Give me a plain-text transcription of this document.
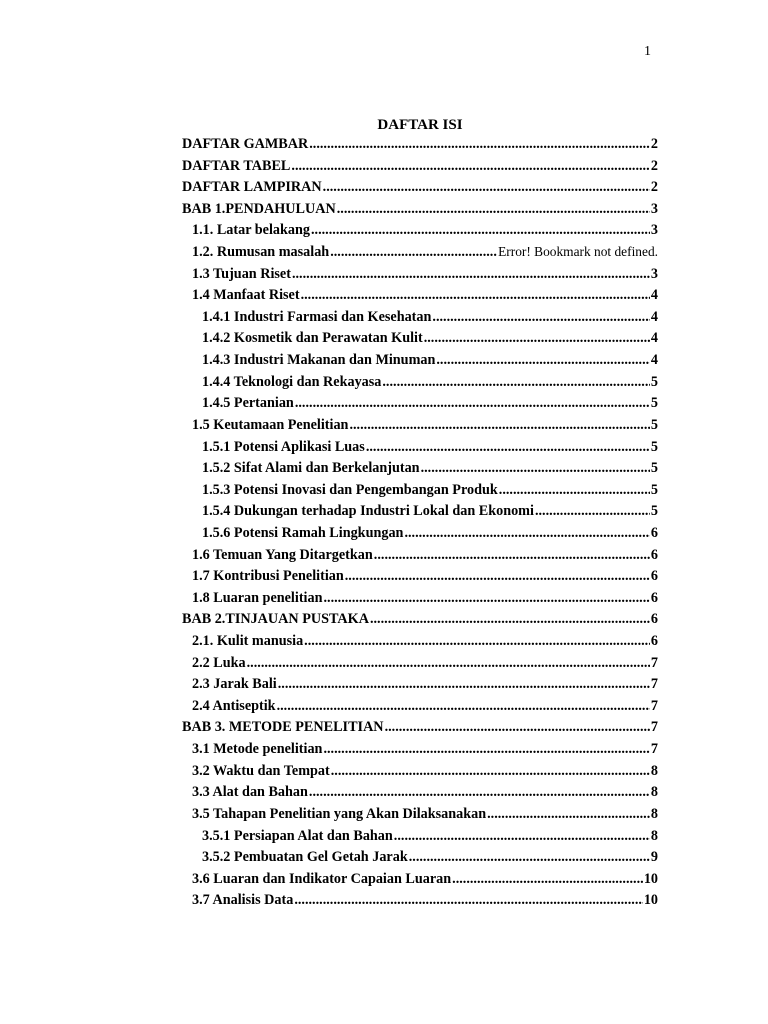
1
DAFTAR ISI
DAFTAR GAMBAR .....	2
DAFTAR TABEL .....	2
DAFTAR LAMPIRAN .....	2
BAB 1.PENDAHULUAN .....	3
1.1. Latar belakang .....	3
1.2. Rumusan masalah .....	Error! Bookmark not defined.
1.3 Tujuan Riset .....	3
1.4 Manfaat Riset .....	4
1.4.1 Industri Farmasi dan Kesehatan .....	4
1.4.2 Kosmetik dan Perawatan Kulit .....	4
1.4.3 Industri Makanan dan Minuman .....	4
1.4.4 Teknologi dan Rekayasa .....	5
1.4.5 Pertanian .....	5
1.5 Keutamaan Penelitian .....	5
1.5.1 Potensi Aplikasi Luas .....	5
1.5.2 Sifat Alami dan Berkelanjutan .....	5
1.5.3 Potensi Inovasi dan Pengembangan Produk .....	5
1.5.4 Dukungan terhadap Industri Lokal dan Ekonomi .....	5
1.5.6 Potensi Ramah Lingkungan .....	6
1.6 Temuan Yang Ditargetkan .....	6
1.7 Kontribusi Penelitian .....	6
1.8 Luaran penelitian .....	6
BAB 2.TINJAUAN PUSTAKA .....	6
2.1. Kulit manusia .....	6
2.2 Luka .....	7
2.3 Jarak Bali .....	7
2.4 Antiseptik .....	7
BAB 3. METODE PENELITIAN .....	7
3.1 Metode penelitian .....	7
3.2 Waktu dan Tempat .....	8
3.3 Alat dan Bahan .....	8
3.5 Tahapan Penelitian yang Akan Dilaksanakan .....	8
3.5.1 Persiapan Alat dan Bahan .....	8
3.5.2 Pembuatan Gel Getah Jarak .....	9
3.6 Luaran dan Indikator Capaian Luaran .....	10
3.7 Analisis Data .....	10
